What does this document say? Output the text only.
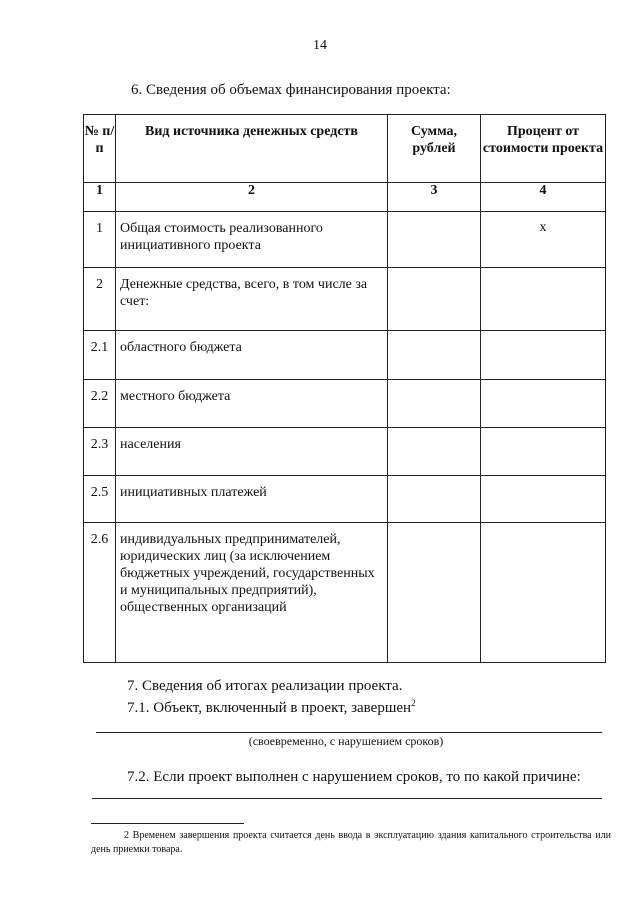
14
6. Сведения об объемах финансирования проекта:
№ п/п	Вид источника денежных средств	Сумма, рублей	Процент от стоимости проекта
1	2	3	4
1	Общая стоимость реализованного инициативного проекта		х
2	Денежные средства, всего, в том числе за счет:		
2.1	областного бюджета		
2.2	местного бюджета		
2.3	населения		
2.5	инициативных платежей		
2.6	индивидуальных предпринимателей, юридических лиц (за исключением бюджетных учреждений, государственных и муниципальных предприятий), общественных организаций		
7. Сведения об итогах реализации проекта.
7.1. Объект, включенный в проект, завершен$^2$
(своевременно, с нарушением сроков)
7.2. Если проект выполнен с нарушением сроков, то по какой причине:
2 Временем завершения проекта считается день ввода в эксплуатацию здания капитального строительства или день приемки товара.
